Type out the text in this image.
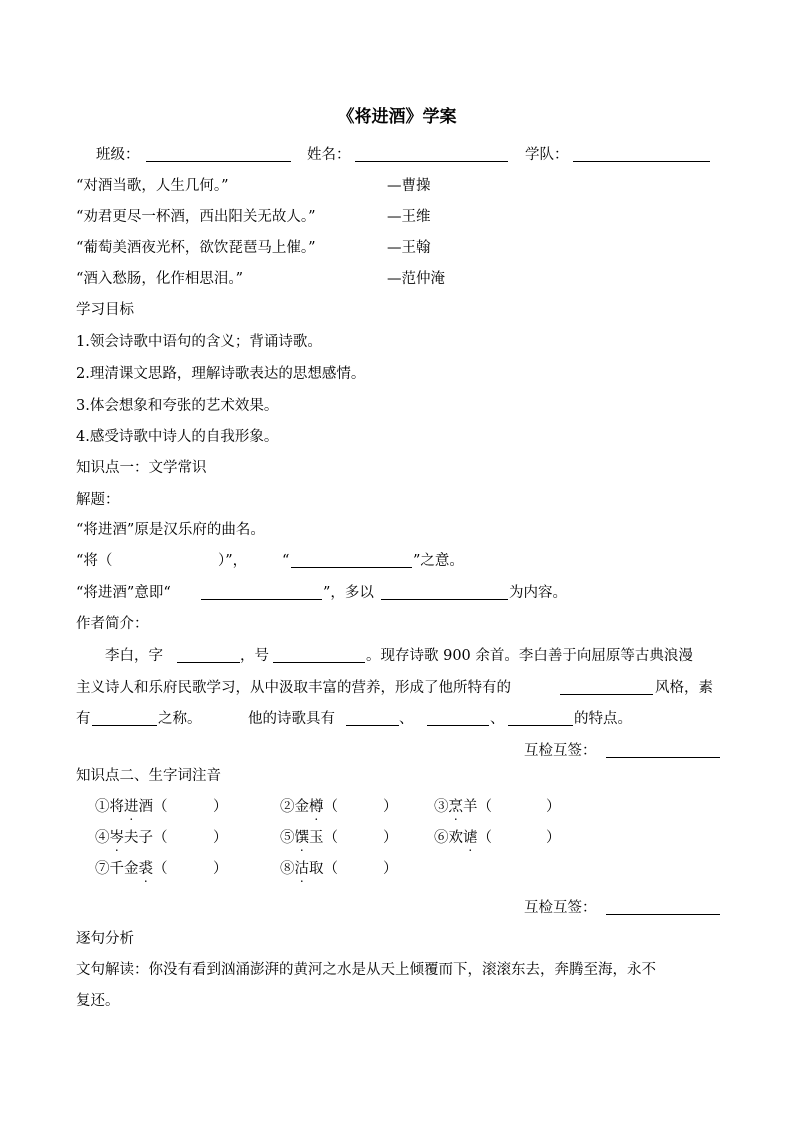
《将进酒》学案
班级：	姓名：	学队：
“对酒当歌，人生几何。”	—曹操
“劝君更尽一杯酒，西出阳关无故人。”	—王维
“葡萄美酒夜光杯，欲饮琵琶马上催。”	—王翰
“酒入愁肠，化作相思泪。”	—范仲淹
学习目标
1.领会诗歌中语句的含义；背诵诗歌。
2.理清课文思路，理解诗歌表达的思想感情。
3.体会想象和夸张的艺术效果。
4.感受诗歌中诗人的自我形象。
知识点一：文学常识
解题：
“将进酒”原是汉乐府的曲名。
“将（	）”， “	”之意。
“将进酒”意即“	”，多以	为内容。
作者简介：
李白，字	，号	。现存诗歌 900 余首。李白善于向屈原等古典浪漫
主义诗人和乐府民歌学习，从中汲取丰富的营养，形成了他所特有的	风格，素
有	之称。	他的诗歌具有	、	、	的特点。
互检互签：
知识点二、生字词注音
①将进酒（	）	②金樽（	）	③烹羊（	）
④岑夫子（	）	⑤馔玉（	）	⑥欢谑（	）
⑦千金裘（	）	⑧沽取（	）
互检互签：
逐句分析
文句解读：你没有看到汹涌澎湃的黄河之水是从天上倾覆而下，滚滚东去，奔腾至海，永不
复还。
